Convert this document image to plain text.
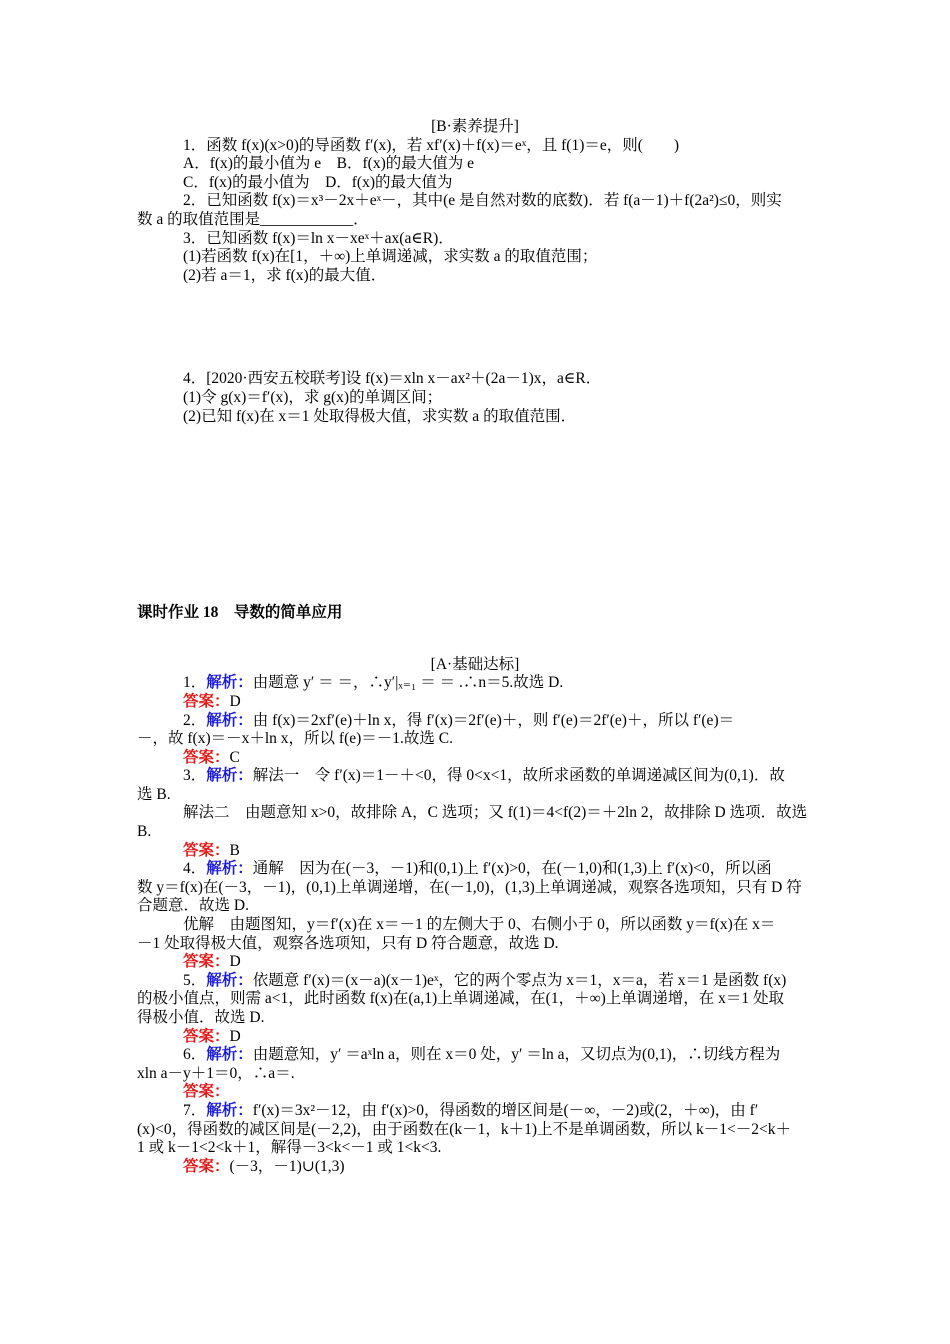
[B·素养提升]

1．函数 f(x)(x>0)的导函数 f′(x)，若 xf′(x)＋f(x)＝eˣ，且 f(1)＝e，则(　　)

A．f(x)的最小值为 e　B．f(x)的最大值为 e

C．f(x)的最小值为　D．f(x)的最大值为

2．已知函数 f(x)＝x³－2x＋eˣ－，其中(e 是自然对数的底数)．若 f(a－1)＋f(2a²)≤0，则实

数 a 的取值范围是____________．

3．已知函数 f(x)＝ln x－xeˣ＋ax(a∈R)．

(1)若函数 f(x)在[1，＋∞)上单调递减，求实数 a 的取值范围；

(2)若 a＝1，求 f(x)的最大值．

4．[2020·西安五校联考]设 f(x)＝xln x－ax²＋(2a－1)x，a∈R．

(1)令 g(x)＝f′(x)，求 g(x)的单调区间；

(2)已知 f(x)在 x＝1 处取得极大值，求实数 a 的取值范围．

课时作业 18　导数的简单应用

[A·基础达标]

1．解析：由题意 y′ ＝ ＝，∴y′|ₓ₌₁ ＝ ＝ .∴n＝5.故选 D.

答案：D

2．解析：由 f(x)＝2xf′(e)＋ln x，得 f′(x)＝2f′(e)＋，则 f′(e)＝2f′(e)＋，所以 f′(e)＝

－，故 f(x)＝－x＋ln x，所以 f(e)＝－1.故选 C.

答案：C

3．解析：解法一　令 f′(x)＝1－＋<0，得 0<x<1，故所求函数的单调递减区间为(0,1)．故

选 B.

解法二　由题意知 x>0，故排除 A，C 选项；又 f(1)＝4<f(2)＝＋2ln 2，故排除 D 选项．故选

B.

答案：B

4．解析：通解　因为在(－3，－1)和(0,1)上 f′(x)>0，在(－1,0)和(1,3)上 f′(x)<0，所以函

数 y＝f(x)在(－3，－1)，(0,1)上单调递增，在(－1,0)，(1,3)上单调递减，观察各选项知，只有 D 符

合题意．故选 D.

优解　由题图知，y＝f′(x)在 x＝－1 的左侧大于 0、右侧小于 0，所以函数 y＝f(x)在 x＝

－1 处取得极大值，观察各选项知，只有 D 符合题意，故选 D.

答案：D

5．解析：依题意 f′(x)＝(x－a)(x－1)eˣ，它的两个零点为 x＝1，x＝a，若 x＝1 是函数 f(x)

的极小值点，则需 a<1，此时函数 f(x)在(a,1)上单调递减，在(1，＋∞)上单调递增，在 x＝1 处取

得极小值．故选 D.

答案：D

6．解析：由题意知，y′ ＝aˣln a，则在 x＝0 处，y′ ＝ln a，又切点为(0,1)，∴切线方程为

xln a－y＋1＝0，∴a＝.

答案：

7．解析：f′(x)＝3x²－12，由 f′(x)>0，得函数的增区间是(－∞，－2)或(2，＋∞)，由 f′

(x)<0，得函数的减区间是(－2,2)，由于函数在(k－1，k＋1)上不是单调函数，所以 k－1<－2<k＋

1 或 k－1<2<k＋1，解得－3<k<－1 或 1<k<3.

答案：(－3，－1)∪(1,3)
